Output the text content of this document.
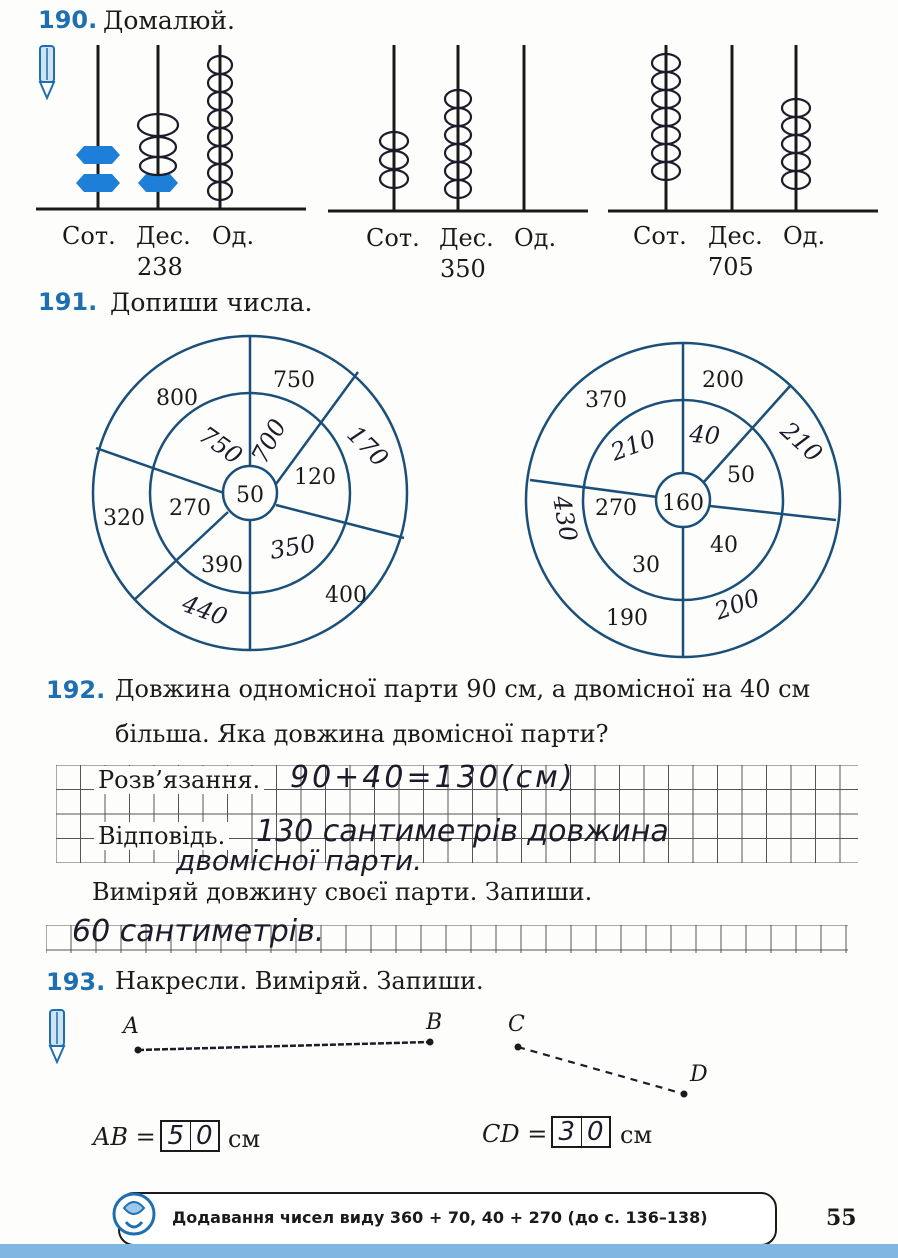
190. Домалюй.
Сот. Дес. Од.
238
Сот. Дес. Од.
350
Сот. Дес. Од.
705
191. Допиши числа.
50
120
390
270
750
400
320
800
750
700
350
170
440
160
50
40
30
270
200
190
370
210 40 210
200
430
192. Довжина одномісної парти 90 см, а двомісної на 40 см
більша. Яка довжина двомісної парти?
Розв’язання. 90+40=130(см)
Відповідь. 130 сантиметрів довжина
двомісної парти.
Виміряй довжину своєї парти. Запиши.
60 сантиметрів.
193. Накресли. Виміряй. Запиши.
A	B	C
D
AB = 5 0 см	CD = 3 0 см
Додавання чисел виду 360 + 70, 40 + 270 (до с. 136–138)	55
